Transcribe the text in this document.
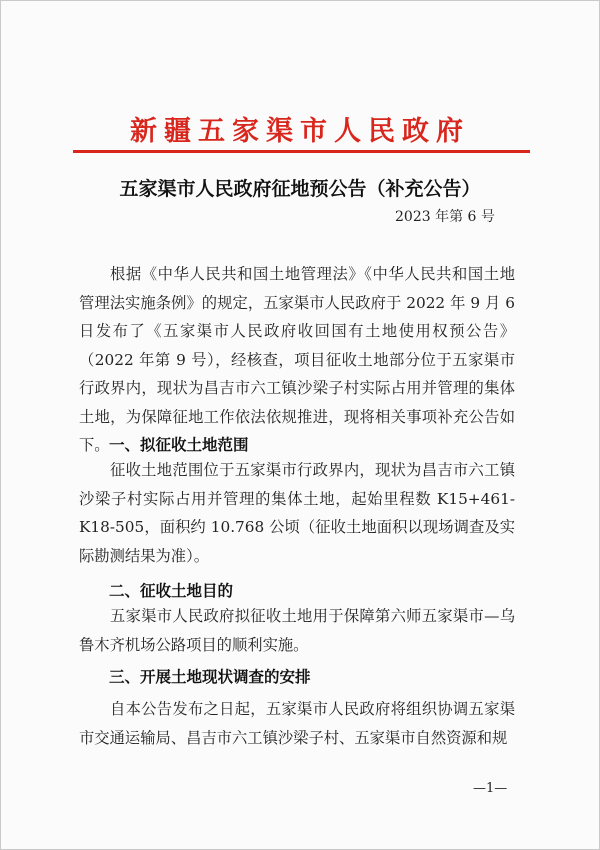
新疆五家渠市人民政府
五家渠市人民政府征地预公告（补充公告）
2023 年第 6 号

根据《中华人民共和国土地管理法》《中华人民共和国土地管理法实施条例》的规定，五家渠市人民政府于 2022 年 9 月 6 日发布了《五家渠市人民政府收回国有土地使用权预公告》（2022 年第 9 号），经核查，项目征收土地部分位于五家渠市行政界内，现状为昌吉市六工镇沙梁子村实际占用并管理的集体土地，为保障征地工作依法依规推进，现将相关事项补充公告如下。 一、拟征收土地范围

征收土地范围位于五家渠市行政界内，现状为昌吉市六工镇沙梁子村实际占用并管理的集体土地，起始里程数 K15+461-K18-505，面积约 10.768 公顷（征收土地面积以现场调查及实际勘测结果为准）。

二、征收土地目的

五家渠市人民政府拟征收土地用于保障第六师五家渠市—乌鲁木齐机场公路项目的顺利实施。

三、开展土地现状调查的安排

自本公告发布之日起，五家渠市人民政府将组织协调五家渠市交通运输局、昌吉市六工镇沙梁子村、五家渠市自然资源和规

—1—
